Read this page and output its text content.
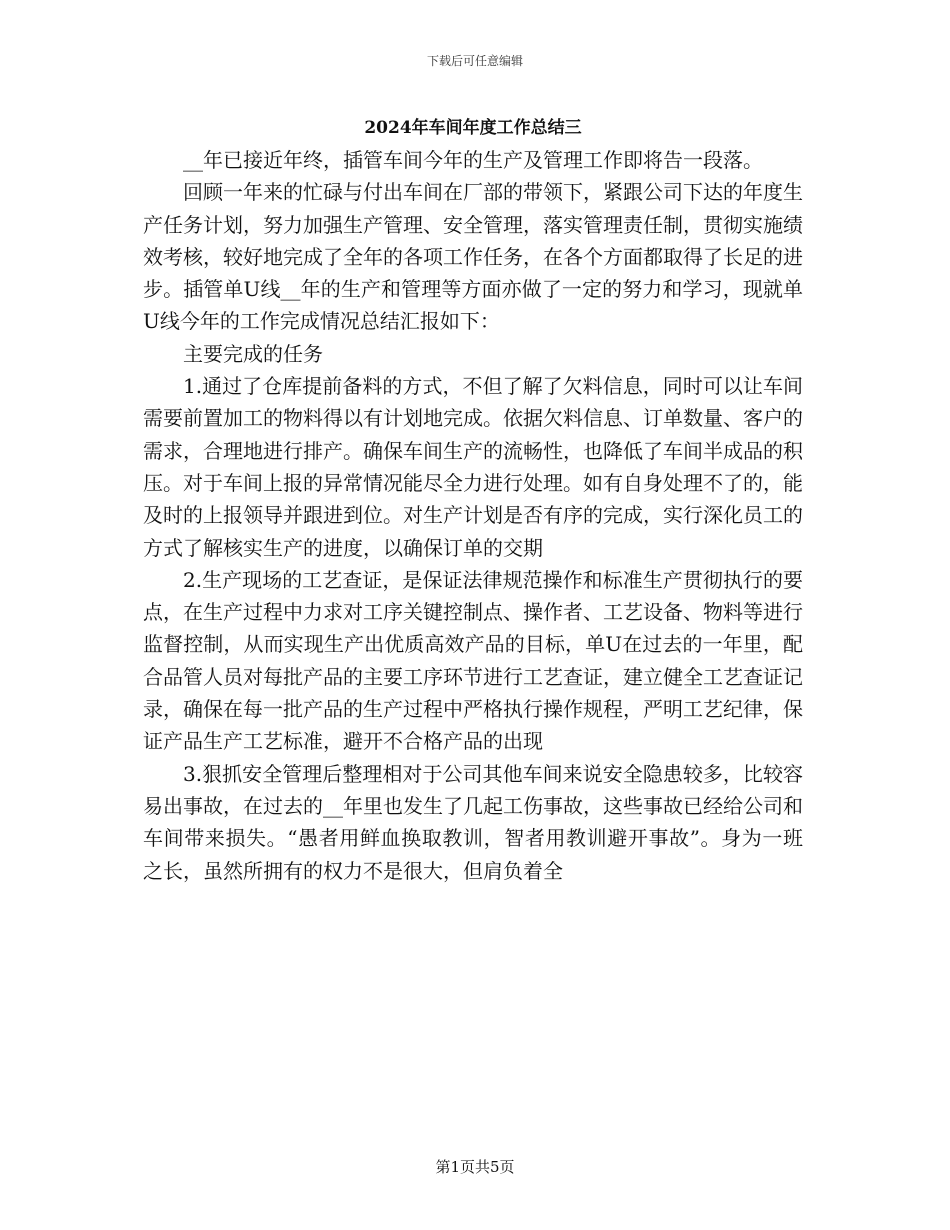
下载后可任意编辑
2024年车间年度工作总结三

__年已接近年终，插管车间今年的生产及管理工作即将告一段落。

回顾一年来的忙碌与付出车间在厂部的带领下，紧跟公司下达的年度生产任务计划，努力加强生产管理、安全管理，落实管理责任制，贯彻实施绩效考核，较好地完成了全年的各项工作任务，在各个方面都取得了长足的进步。插管单U线__年的生产和管理等方面亦做了一定的努力和学习，现就单U线今年的工作完成情况总结汇报如下：

主要完成的任务

1.通过了仓库提前备料的方式，不但了解了欠料信息，同时可以让车间需要前置加工的物料得以有计划地完成。依据欠料信息、订单数量、客户的需求，合理地进行排产。确保车间生产的流畅性，也降低了车间半成品的积压。对于车间上报的异常情况能尽全力进行处理。如有自身处理不了的，能及时的上报领导并跟进到位。对生产计划是否有序的完成，实行深化员工的方式了解核实生产的进度，以确保订单的交期

2.生产现场的工艺查证，是保证法律规范操作和标准生产贯彻执行的要点，在生产过程中力求对工序关键控制点、操作者、工艺设备、物料等进行监督控制，从而实现生产出优质高效产品的目标，单U在过去的一年里，配合品管人员对每批产品的主要工序环节进行工艺查证，建立健全工艺查证记录，确保在每一批产品的生产过程中严格执行操作规程，严明工艺纪律，保证产品生产工艺标准，避开不合格产品的出现

3.狠抓安全管理后整理相对于公司其他车间来说安全隐患较多，比较容易出事故，在过去的__年里也发生了几起工伤事故，这些事故已经给公司和车间带来损失。“愚者用鲜血换取教训，智者用教训避开事故”。身为一班之长，虽然所拥有的权力不是很大，但肩负着全

第1页共5页
